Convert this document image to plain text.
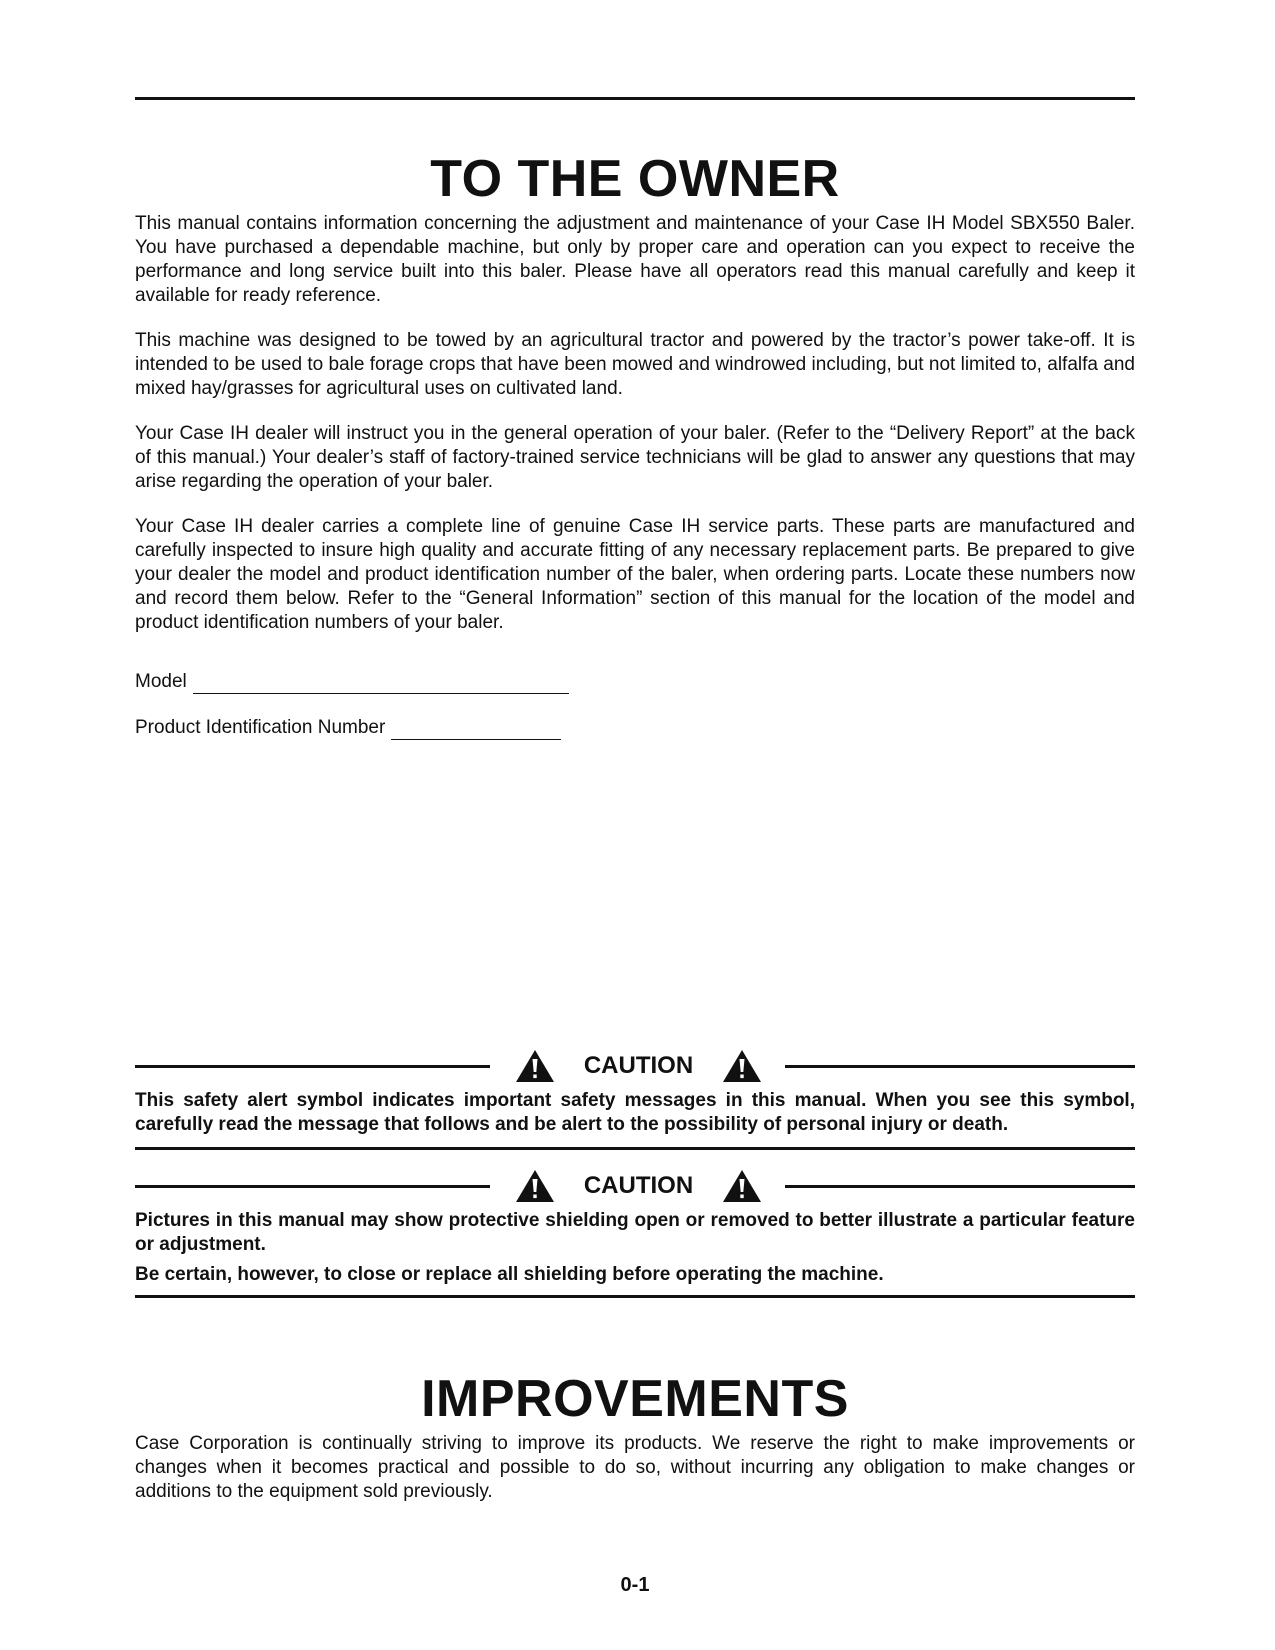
TO THE OWNER

This manual contains information concerning the adjustment and maintenance of your Case IH Model SBX550 Baler. You have purchased a dependable machine, but only by proper care and operation can you expect to receive the performance and long service built into this baler. Please have all operators read this manual carefully and keep it available for ready reference.

This machine was designed to be towed by an agricultural tractor and powered by the tractor’s power take-off. It is intended to be used to bale forage crops that have been mowed and windrowed including, but not limited to, alfalfa and mixed hay/grasses for agricultural uses on cultivated land.

Your Case IH dealer will instruct you in the general operation of your baler. (Refer to the “Delivery Report” at the back of this manual.) Your dealer’s staff of factory-trained service technicians will be glad to answer any questions that may arise regarding the operation of your baler.

Your Case IH dealer carries a complete line of genuine Case IH service parts. These parts are manufactured and carefully inspected to insure high quality and accurate fitting of any necessary replacement parts. Be prepared to give your dealer the model and product identification number of the baler, when ordering parts. Locate these numbers now and record them below. Refer to the “General Information” section of this manual for the location of the model and product identification numbers of your baler.

Model
Product Identification Number
CAUTION

This safety alert symbol indicates important safety messages in this manual. When you see this symbol, carefully read the message that follows and be alert to the possibility of personal injury or death.

CAUTION

Pictures in this manual may show protective shielding open or removed to better illustrate a particular feature or adjustment.

Be certain, however, to close or replace all shielding before operating the machine.

IMPROVEMENTS

Case Corporation is continually striving to improve its products. We reserve the right to make improvements or changes when it becomes practical and possible to do so, without incurring any obligation to make changes or additions to the equipment sold previously.

0-1
